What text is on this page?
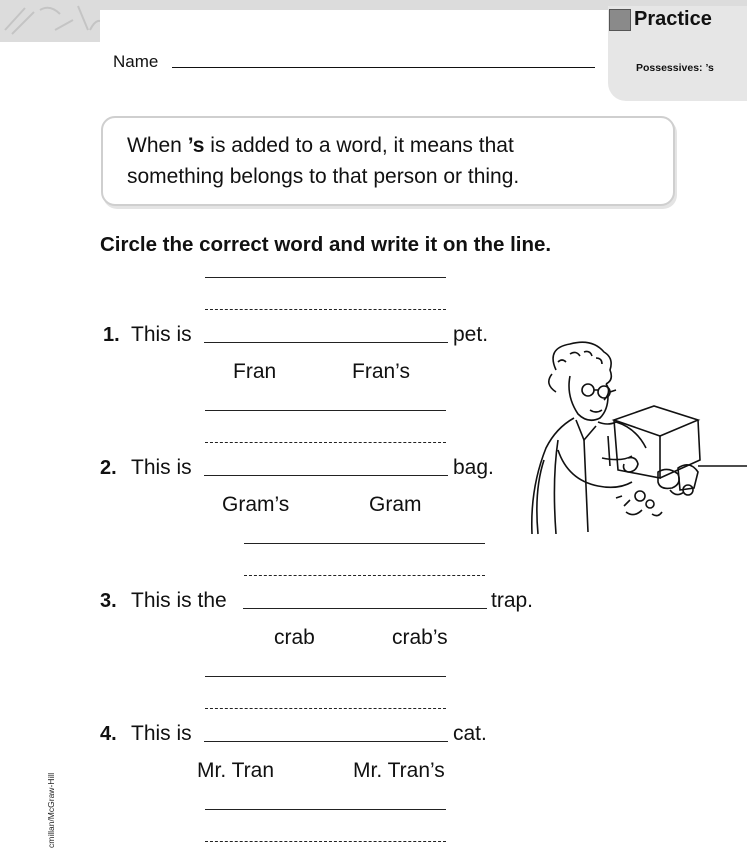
Practice
Possessives: ’s
Name
When ’s is added to a word, it means that
something belongs to that person or thing.
Circle the correct word and write it on the line.
1. This is	pet.
Fran	Fran’s
2. This is	bag.
Gram’s	Gram
3. This is the	trap.
crab	crab’s
4. This is	cat.
Mr. Tran	Mr. Tran’s
cmillan/McGraw-Hill
